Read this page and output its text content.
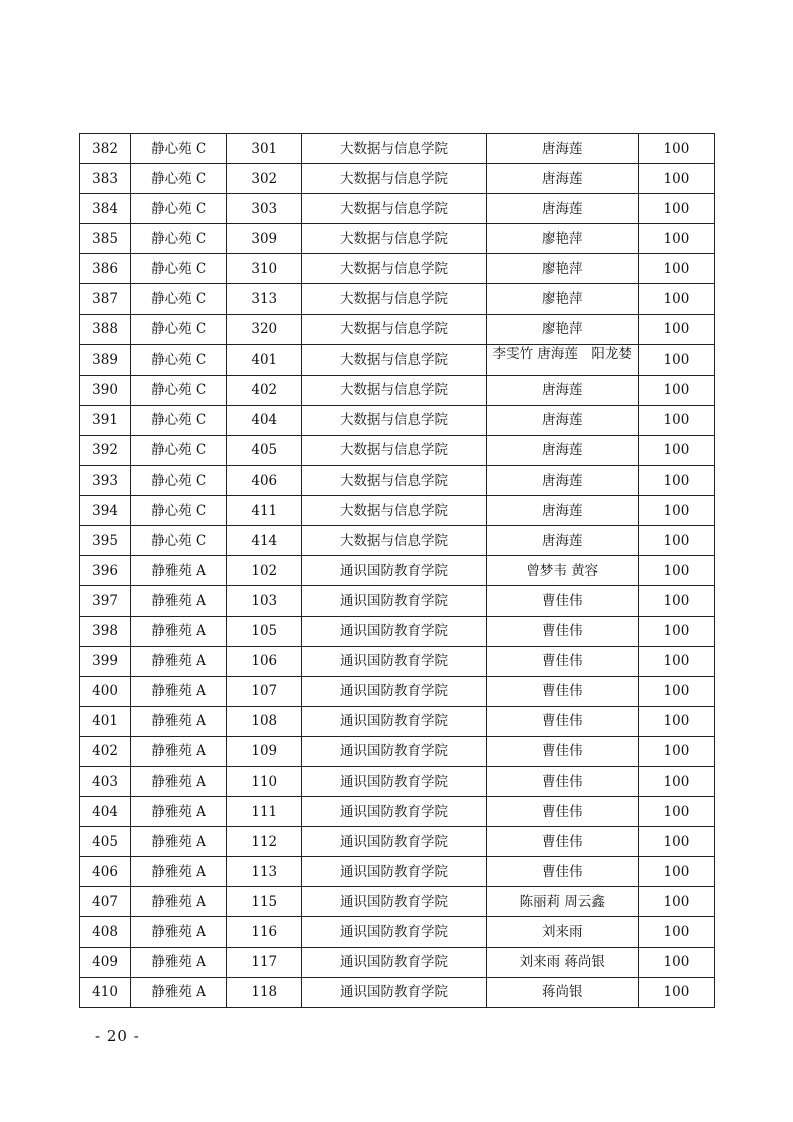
382	静心苑 C	301	大数据与信息学院	唐海莲	100
383	静心苑 C	302	大数据与信息学院	唐海莲	100
384	静心苑 C	303	大数据与信息学院	唐海莲	100
385	静心苑 C	309	大数据与信息学院	廖艳萍	100
386	静心苑 C	310	大数据与信息学院	廖艳萍	100
387	静心苑 C	313	大数据与信息学院	廖艳萍	100
388	静心苑 C	320	大数据与信息学院	廖艳萍	100
389	静心苑 C	401	大数据与信息学院	李雯竹 唐海莲　阳龙婪	100
390	静心苑 C	402	大数据与信息学院	唐海莲	100
391	静心苑 C	404	大数据与信息学院	唐海莲	100
392	静心苑 C	405	大数据与信息学院	唐海莲	100
393	静心苑 C	406	大数据与信息学院	唐海莲	100
394	静心苑 C	411	大数据与信息学院	唐海莲	100
395	静心苑 C	414	大数据与信息学院	唐海莲	100
396	静雅苑 A	102	通识国防教育学院	曾梦韦 黄容	100
397	静雅苑 A	103	通识国防教育学院	曹佳伟	100
398	静雅苑 A	105	通识国防教育学院	曹佳伟	100
399	静雅苑 A	106	通识国防教育学院	曹佳伟	100
400	静雅苑 A	107	通识国防教育学院	曹佳伟	100
401	静雅苑 A	108	通识国防教育学院	曹佳伟	100
402	静雅苑 A	109	通识国防教育学院	曹佳伟	100
403	静雅苑 A	110	通识国防教育学院	曹佳伟	100
404	静雅苑 A	111	通识国防教育学院	曹佳伟	100
405	静雅苑 A	112	通识国防教育学院	曹佳伟	100
406	静雅苑 A	113	通识国防教育学院	曹佳伟	100
407	静雅苑 A	115	通识国防教育学院	陈丽莉 周云鑫	100
408	静雅苑 A	116	通识国防教育学院	刘来雨	100
409	静雅苑 A	117	通识国防教育学院	刘来雨 蒋尚银	100
410	静雅苑 A	118	通识国防教育学院	蒋尚银	100
- 20 -
